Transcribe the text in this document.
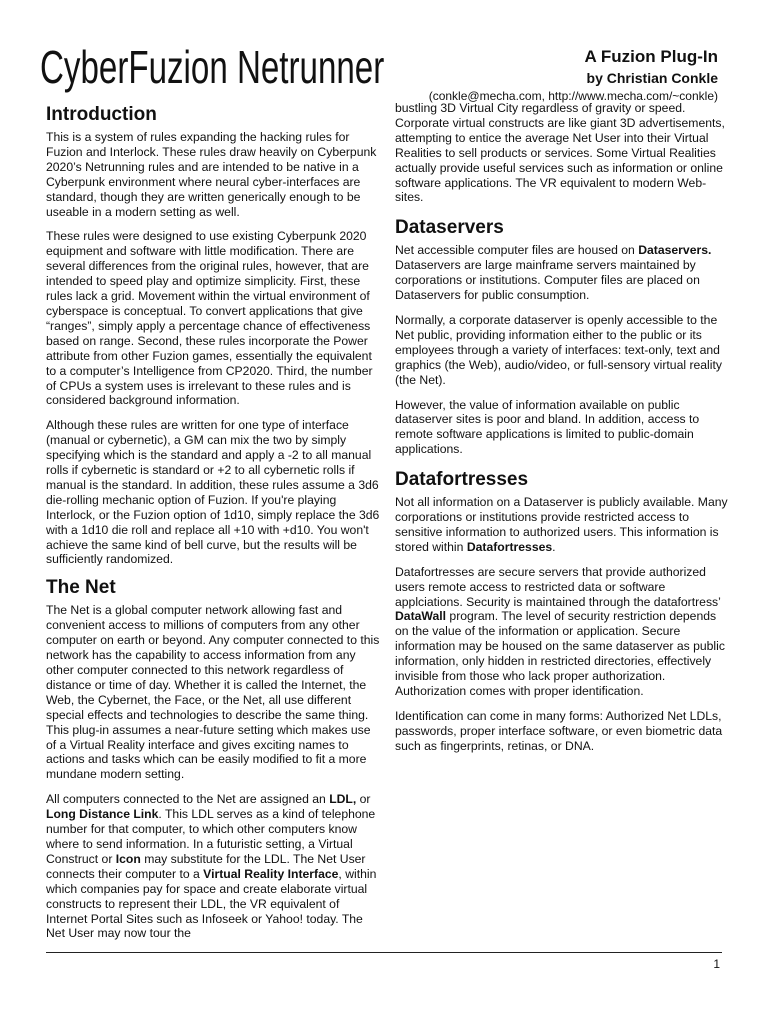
CyberFuzion Netrunner	A Fuzion Plug-In
by Christian Conkle
(conkle@mecha.com, http://www.mecha.com/~conkle)
Introduction

This is a system of rules expanding the hacking rules for Fuzion and Interlock. These rules draw heavily on Cyberpunk 2020’s Netrunning rules and are intended to be native in a Cyberpunk environment where neural cyber-interfaces are standard, though they are written generically enough to be useable in a modern setting as well.

These rules were designed to use existing Cyberpunk 2020 equipment and software with little modification. There are several differences from the original rules, however, that are intended to speed play and optimize simplicity. First, these rules lack a grid. Movement within the virtual environment of cyberspace is conceptual. To convert applications that give “ranges”, simply apply a percentage chance of effectiveness based on range. Second, these rules incorporate the Power attribute from other Fuzion games, essentially the equivalent to a computer’s Intelligence from CP2020. Third, the number of CPUs a system uses is irrelevant to these rules and is considered background information.

Although these rules are written for one type of interface (manual or cybernetic), a GM can mix the two by simply specifying which is the standard and apply a -2 to all manual rolls if cybernetic is standard or +2 to all cybernetic rolls if manual is the standard. In addition, these rules assume a 3d6 die-rolling mechanic option of Fuzion. If you're playing Interlock, or the Fuzion option of 1d10, simply replace the 3d6 with a 1d10 die roll and replace all +10 with +d10. You won't achieve the same kind of bell curve, but the results will be sufficiently randomized.

The Net

The Net is a global computer network allowing fast and convenient access to millions of computers from any other computer on earth or beyond. Any computer connected to this network has the capability to access information from any other computer connected to this network regardless of distance or time of day. Whether it is called the Internet, the Web, the Cybernet, the Face, or the Net, all use different special effects and technologies to describe the same thing. This plug-in assumes a near-future setting which makes use of a Virtual Reality interface and gives exciting names to actions and tasks which can be easily modified to fit a more mundane modern setting.

All computers connected to the Net are assigned an LDL, or Long Distance Link. This LDL serves as a kind of telephone number for that computer, to which other computers know where to send information. In a futuristic setting, a Virtual Construct or Icon may substitute for the LDL. The Net User connects their computer to a Virtual Reality Interface, within which companies pay for space and create elaborate virtual constructs to represent their LDL, the VR equivalent of Internet Portal Sites such as Infoseek or Yahoo! today. The Net User may now tour the

bustling 3D Virtual City regardless of gravity or speed. Corporate virtual constructs are like giant 3D advertisements, attempting to entice the average Net User into their Virtual Realities to sell products or services. Some Virtual Realities actually provide useful services such as information or online software applications. The VR equivalent to modern Web-sites.

Dataservers

Net accessible computer files are housed on Dataservers. Dataservers are large mainframe servers maintained by corporations or institutions. Computer files are placed on Dataservers for public consumption.

Normally, a corporate dataserver is openly accessible to the Net public, providing information either to the public or its employees through a variety of interfaces: text-only, text and graphics (the Web), audio/video, or full-sensory virtual reality (the Net).

However, the value of information available on public dataserver sites is poor and bland. In addition, access to remote software applications is limited to public-domain applications.

Datafortresses

Not all information on a Dataserver is publicly available. Many corporations or institutions provide restricted access to sensitive information to authorized users. This information is stored within Datafortresses.

Datafortresses are secure servers that provide authorized users remote access to restricted data or software applciations. Security is maintained through the datafortress’ DataWall program. The level of security restriction depends on the value of the information or application. Secure information may be housed on the same dataserver as public information, only hidden in restricted directories, effectively invisible from those who lack proper authorization. Authorization comes with proper identification.

Identification can come in many forms: Authorized Net LDLs, passwords, proper interface software, or even biometric data such as fingerprints, retinas, or DNA.

1
